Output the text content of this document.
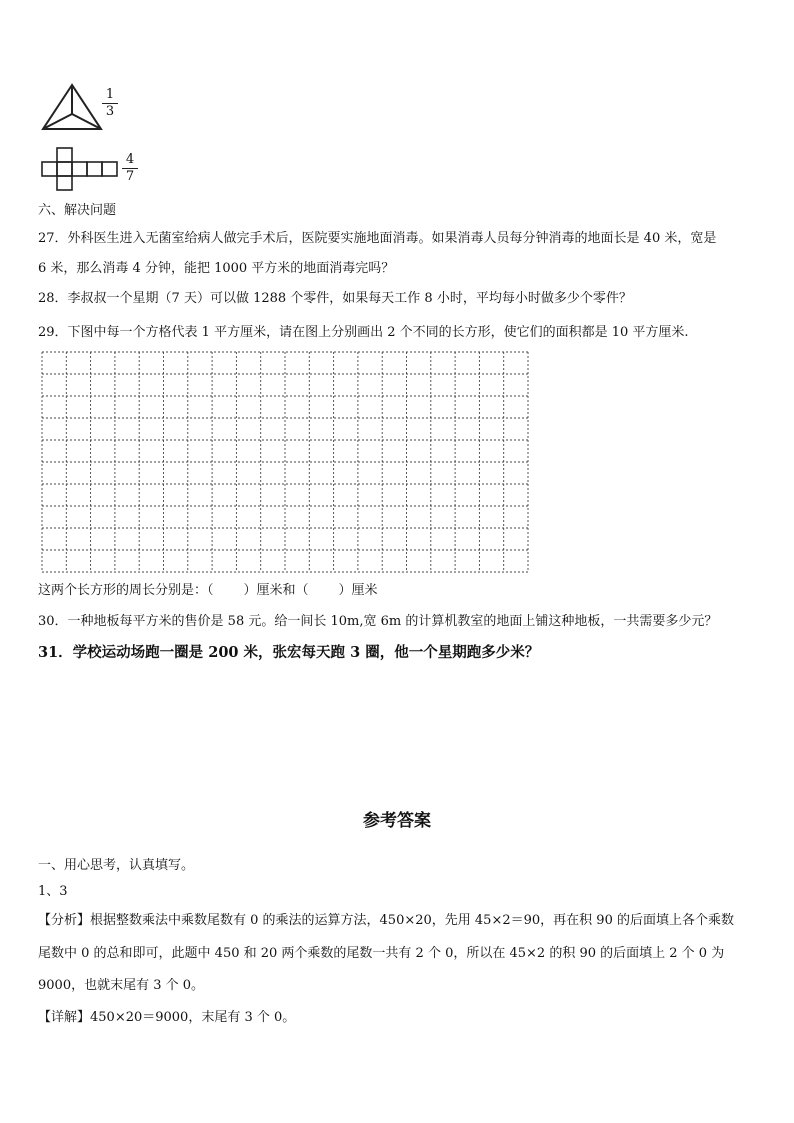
1
3
4
7
六、解决问题
27．外科医生进入无菌室给病人做完手术后，医院要实施地面消毒。如果消毒人员每分钟消毒的地面长是 40 米，宽是
6 米，那么消毒 4 分钟，能把 1000 平方米的地面消毒完吗？
28．李叔叔一个星期（7 天）可以做 1288 个零件，如果每天工作 8 小时，平均每小时做多少个零件？
29．下图中每一个方格代表 1 平方厘米，请在图上分别画出 2 个不同的长方形，使它们的面积都是 10 平方厘米.
这两个长方形的周长分别是：（ ）厘米和（ ）厘米
30．一种地板每平方米的售价是 58 元。给一间长 10m,宽 6m 的计算机教室的地面上铺这种地板，一共需要多少元？
31．学校运动场跑一圈是 200 米，张宏每天跑 3 圈，他一个星期跑多少米？
参考答案
一、用心思考，认真填写。
1、3
【分析】根据整数乘法中乘数尾数有 0 的乘法的运算方法，450×20，先用 45×2＝90，再在积 90 的后面填上各个乘数
尾数中 0 的总和即可，此题中 450 和 20 两个乘数的尾数一共有 2 个 0，所以在 45×2 的积 90 的后面填上 2 个 0 为
9000，也就末尾有 3 个 0。
【详解】450×20＝9000，末尾有 3 个 0。
